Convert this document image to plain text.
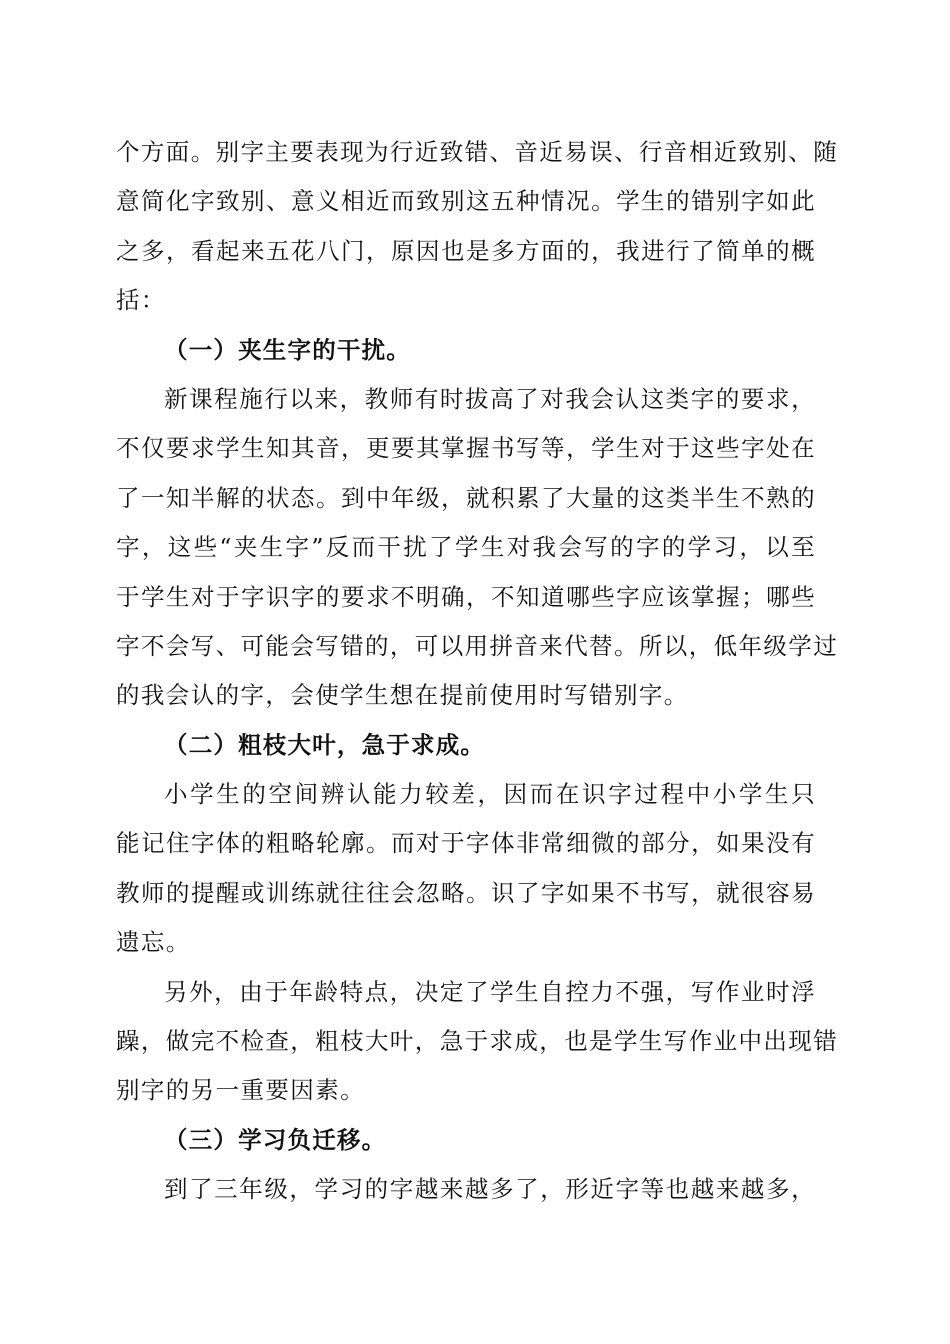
个方面。别字主要表现为行近致错、音近易误、行音相近致别、随
意简化字致别、意义相近而致别这五种情况。学生的错别字如此
之多，看起来五花八门，原因也是多方面的，我进行了简单的概
括：
（一）夹生字的干扰。
新课程施行以来，教师有时拔高了对我会认这类字的要求，
不仅要求学生知其音，更要其掌握书写等，学生对于这些字处在
了一知半解的状态。到中年级，就积累了大量的这类半生不熟的
字，这些“夹生字”反而干扰了学生对我会写的字的学习，以至
于学生对于字识字的要求不明确，不知道哪些字应该掌握；哪些
字不会写、可能会写错的，可以用拼音来代替。所以，低年级学过
的我会认的字，会使学生想在提前使用时写错别字。
（二）粗枝大叶，急于求成。
小学生的空间辨认能力较差，因而在识字过程中小学生只
能记住字体的粗略轮廓。而对于字体非常细微的部分，如果没有
教师的提醒或训练就往往会忽略。识了字如果不书写，就很容易
遗忘。
另外，由于年龄特点，决定了学生自控力不强，写作业时浮
躁，做完不检查，粗枝大叶，急于求成，也是学生写作业中出现错
别字的另一重要因素。
（三）学习负迁移。
到了三年级，学习的字越来越多了，形近字等也越来越多，
